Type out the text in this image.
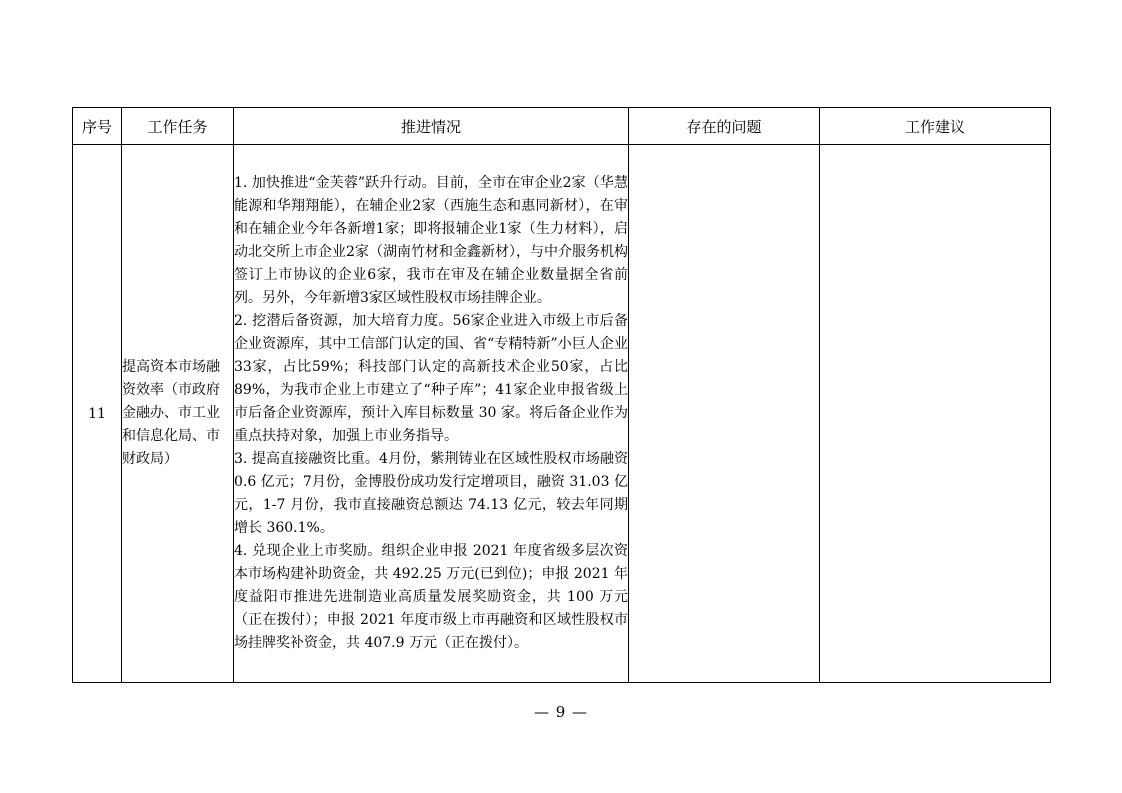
序号	工作任务	推进情况	存在的问题	工作建议
11	提高资本市场融资效率（市政府金融办、市工业和信息化局、市财政局）	1. 加快推进“金芙蓉”跃升行动。目前，全市在审企业2家（华慧能源和华翔翔能），在辅企业2家（西施生态和惠同新材），在审和在辅企业今年各新增1家；即将报辅企业1家（生力材料），启动北交所上市企业2家（湖南竹材和金鑫新材），与中介服务机构签订上市协议的企业6家，我市在审及在辅企业数量据全省前列。另外，今年新增3家区域性股权市场挂牌企业。
2. 挖潜后备资源，加大培育力度。56家企业进入市级上市后备企业资源库，其中工信部门认定的国、省“专精特新”小巨人企业33家，占比59%；科技部门认定的高新技术企业50家，占比89%，为我市企业上市建立了“种子库”；41家企业申报省级上市后备企业资源库，预计入库目标数量 30 家。将后备企业作为重点扶持对象，加强上市业务指导。
3. 提高直接融资比重。4月份，紫荆铸业在区域性股权市场融资 0.6 亿元；7月份，金博股份成功发行定增项目，融资 31.03 亿元，1-7 月份，我市直接融资总额达 74.13 亿元，较去年同期增长 360.1%。
4. 兑现企业上市奖励。组织企业申报 2021 年度省级多层次资本市场构建补助资金，共 492.25 万元(已到位)；申报 2021 年度益阳市推进先进制造业高质量发展奖励资金，共 100 万元（正在拨付）；申报 2021 年度市级上市再融资和区域性股权市场挂牌奖补资金，共 407.9 万元（正在拨付）。		

— 9 —
